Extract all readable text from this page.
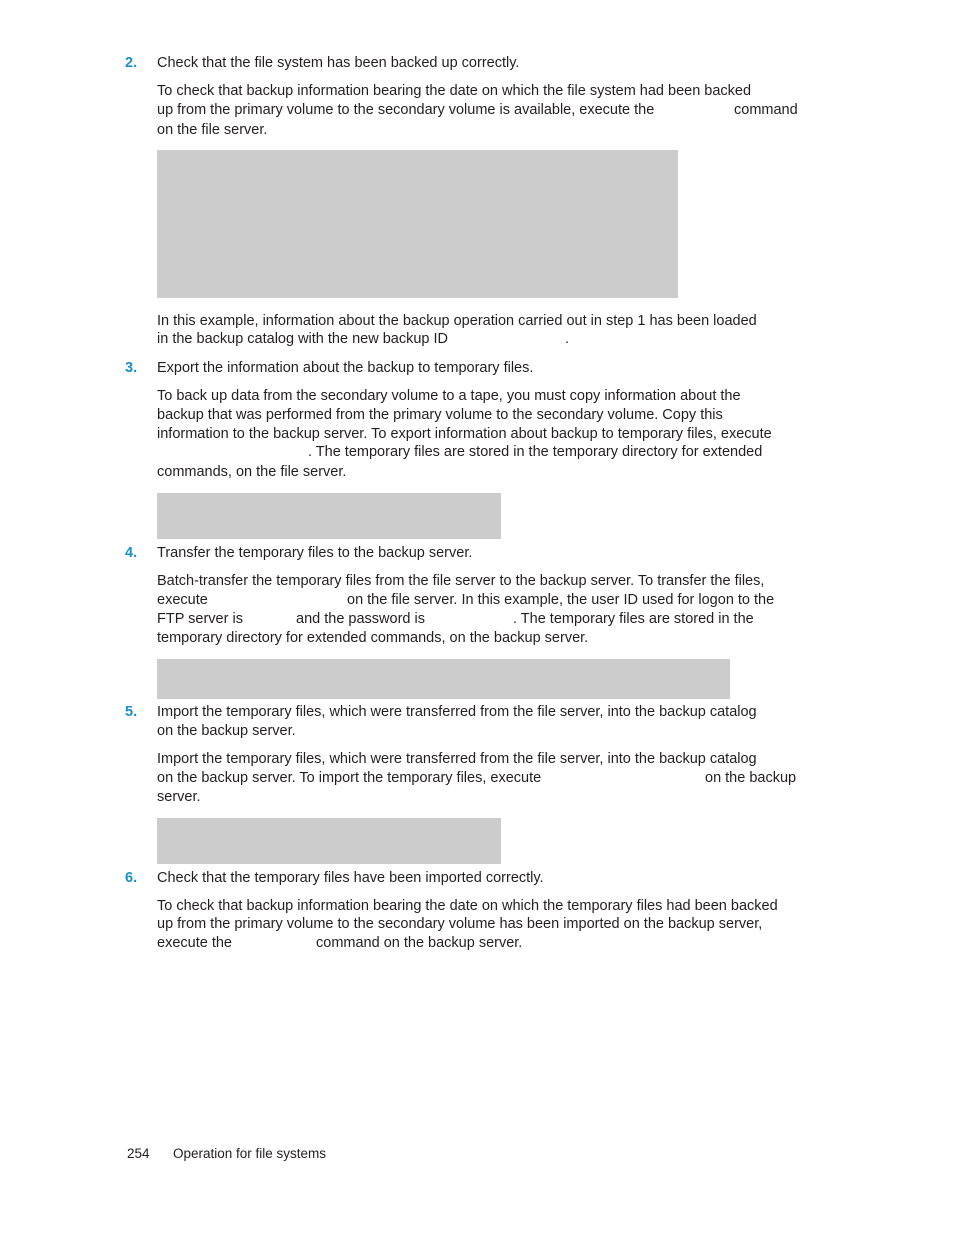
2. Check that the file system has been backed up correctly.
To check that backup information bearing the date on which the file system had been backed
up from the primary volume to the secondary volume is available, execute the	command
on the file server.
In this example, information about the backup operation carried out in step 1 has been loaded
in the backup catalog with the new backup ID	.
3. Export the information about the backup to temporary files.
To back up data from the secondary volume to a tape, you must copy information about the
backup that was performed from the primary volume to the secondary volume. Copy this
information to the backup server. To export information about backup to temporary files, execute
. The temporary files are stored in the temporary directory for extended
commands, on the file server.
4. Transfer the temporary files to the backup server.
Batch-transfer the temporary files from the file server to the backup server. To transfer the files,
execute	on the file server. In this example, the user ID used for logon to the
FTP server is	and the password is	. The temporary files are stored in the
temporary directory for extended commands, on the backup server.
5. Import the temporary files, which were transferred from the file server, into the backup catalog
on the backup server.
Import the temporary files, which were transferred from the file server, into the backup catalog
on the backup server. To import the temporary files, execute	on the backup
server.
6. Check that the temporary files have been imported correctly.
To check that backup information bearing the date on which the temporary files had been backed
up from the primary volume to the secondary volume has been imported on the backup server,
execute the	command on the backup server.
254 Operation for file systems
